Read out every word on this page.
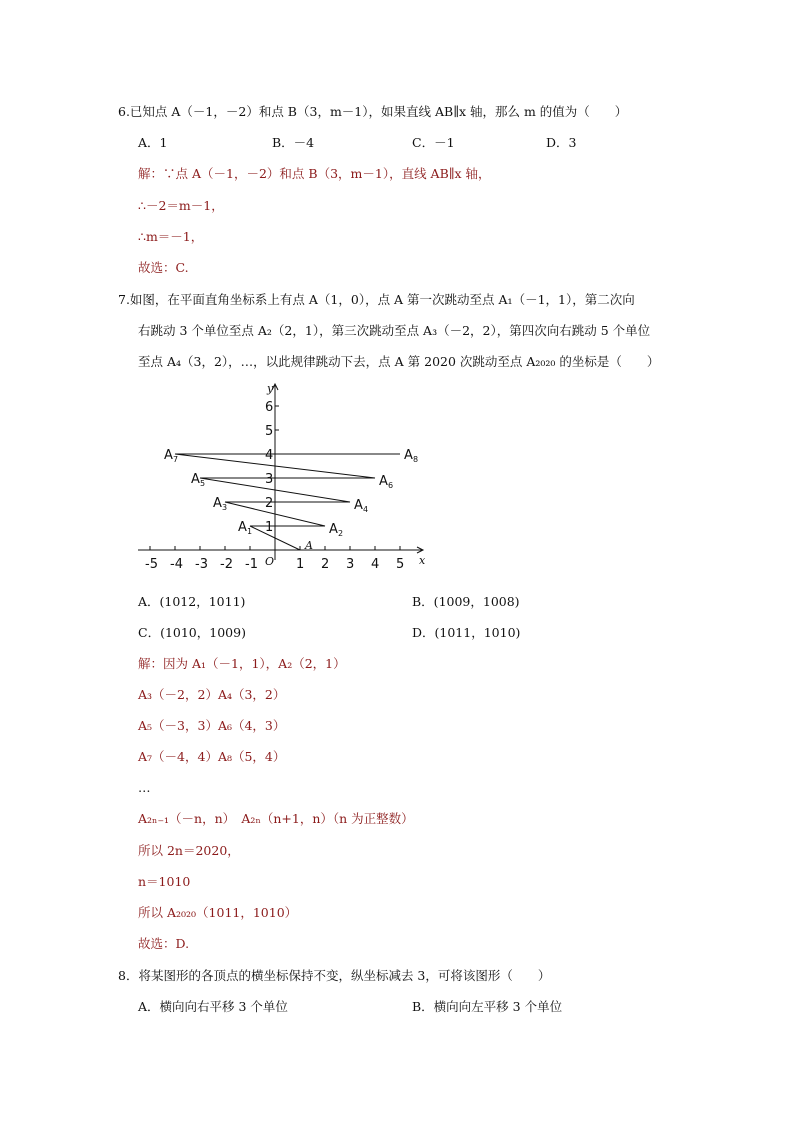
6.已知点 A（－1，－2）和点 B（3，m－1），如果直线 AB∥x 轴，那么 m 的值为（　　）
A．1	B．－4	C．－1	D．3
解：∵点 A（－1，－2）和点 B（3，m－1），直线 AB∥x 轴，
∴－2＝m－1，
∴m＝－1，
故选：C.
7.如图，在平面直角坐标系上有点 A（1，0），点 A 第一次跳动至点 A₁（－1，1），第二次向
右跳动 3 个单位至点 A₂（2，1），第三次跳动至点 A₃（－2，2），第四次向右跳动 5 个单位
至点 A₄（3，2），…，以此规律跳动下去，点 A 第 2020 次跳动至点 A₂₀₂₀ 的坐标是（　　）
x
y
O
-5 -4 -3 -2 -1	1 2 3 4 5
1
2
3
4
5
6
A
A 1	A 2
A 3	A 4
A 5	A 6
A 7	A 8
A．(1012，1011)	B．(1009，1008)
C．(1010，1009)	D．(1011，1010)
解：因为 A₁（－1，1），A₂（2，1）
A₃（－2，2）A₄（3，2）
A₅（－3，3）A₆（4，3）
A₇（－4，4）A₈（5，4）
…
A₂ₙ₋₁（－n，n）　A₂ₙ（n+1，n）（n 为正整数）
所以 2n＝2020，
n＝1010
所以 A₂₀₂₀（1011，1010）
故选：D.
8．将某图形的各顶点的横坐标保持不变，纵坐标减去 3，可将该图形（　　）
A．横向向右平移 3 个单位	B．横向向左平移 3 个单位
